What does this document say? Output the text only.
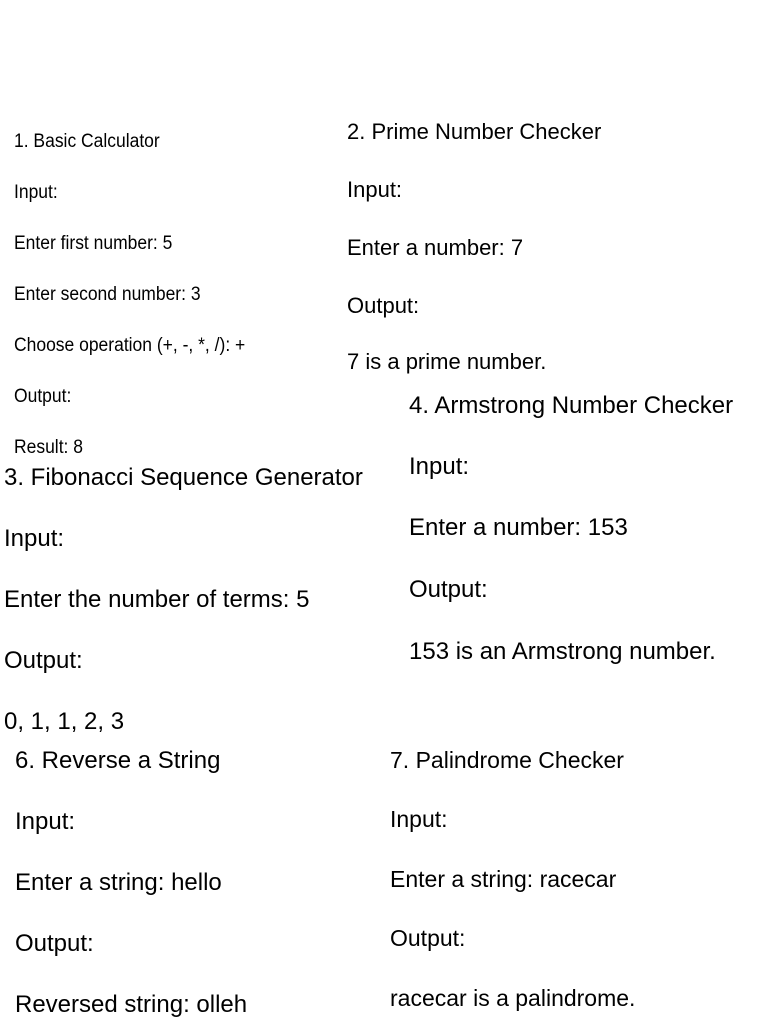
1. Basic Calculator
Input:
Enter first number: 5
Enter second number: 3
Choose operation (+, -, *, /): +
Output:
Result: 8
2. Prime Number Checker
Input:
Enter a number: 7
Output:
7 is a prime number.
3. Fibonacci Sequence Generator
Input:
Enter the number of terms: 5
Output:
0, 1, 1, 2, 3
4. Armstrong Number Checker
Input:
Enter a number: 153
Output:
153 is an Armstrong number.
6. Reverse a String
Input:
Enter a string: hello
Output:
Reversed string: olleh
7. Palindrome Checker
Input:
Enter a string: racecar
Output:
racecar is a palindrome.
